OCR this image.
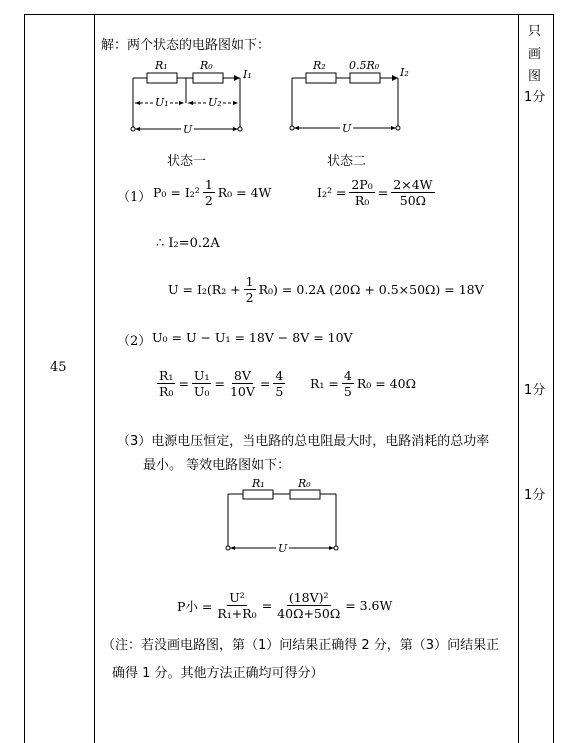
45
只
画
图
1分
1分
1分
解：两个状态的电路图如下：
R₁	R₀
I₁
U₁	U₂
U
状态一
R₂ 0.5R₀
I₂
U
状态二
（1） $P_0 = I_2^2 \frac{1}{2} R_0 = 4W$	$I_2^2 = \frac{\text{2P₀}}{\text{R₀}} = \frac{2\times 4W}{50\Omega}$
∴ I₂=0.2A
$U = I_2(R_2 + \frac{1}{2} R_0) = 0.2A$ (20Ω + 0.5×50Ω) = 18V
（2） U₀ = U − U₁ = 18V − 8V = 10V
$\frac{\text{R₁}}{\text{R₀}} = \frac{\text{U₁}}{\text{U₀}} = \frac{8V}{10V} = \frac{4}{5} R_1 = \frac{4}{5} R_0 = 40\Omega$
（3）电源电压恒定，当电路的总电阻最大时，电路消耗的总功率
最小。 等效电路图如下：
R₁	R₀
U
P小 = $\frac{\text{U²}}{\text{R₁+R₀}} = \frac{\text{(18V)²}}{40\Omega+50\Omega} = 3.6W$
（注：若没画电路图，第（1）问结果正确得 2 分，第（3）问结果正
确得 1 分。其他方法正确均可得分）
